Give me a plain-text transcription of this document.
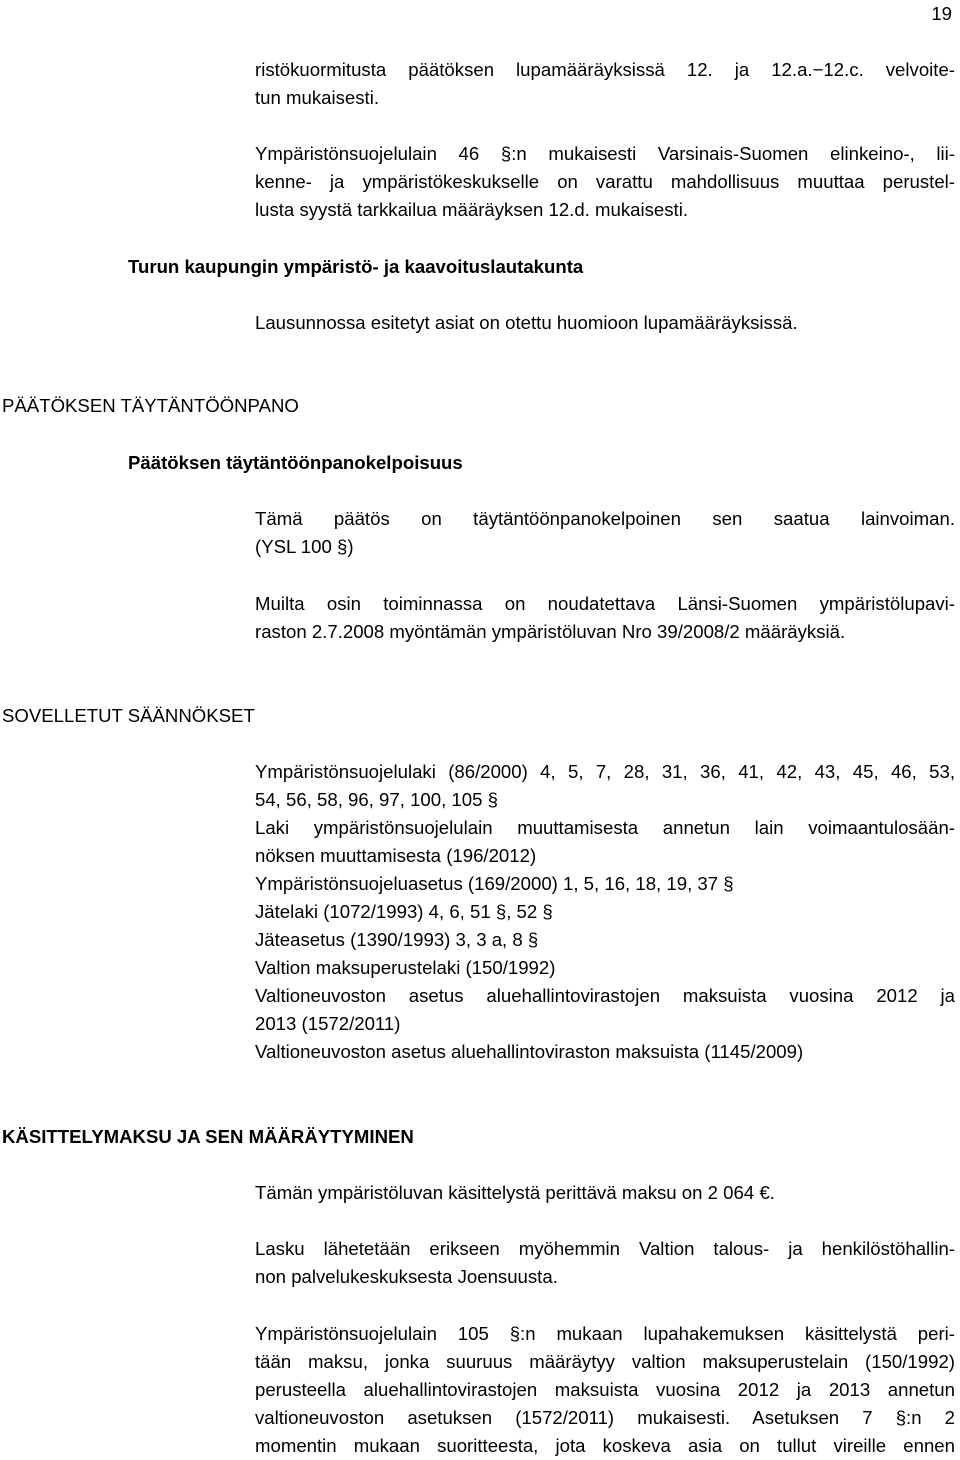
19
ristökuormitusta päätöksen lupamääräyksissä 12. ja 12.a.−12.c. velvoite-
tun mukaisesti.
Ympäristönsuojelulain 46 §:n mukaisesti Varsinais-Suomen elinkeino-, lii-
kenne- ja ympäristökeskukselle on varattu mahdollisuus muuttaa perustel-
lusta syystä tarkkailua määräyksen 12.d. mukaisesti.
Turun kaupungin ympäristö- ja kaavoituslautakunta
Lausunnossa esitetyt asiat on otettu huomioon lupamääräyksissä.
PÄÄTÖKSEN TÄYTÄNTÖÖNPANO
Päätöksen täytäntöönpanokelpoisuus
Tämä päätös on täytäntöönpanokelpoinen sen saatua lainvoiman.
(YSL 100 §)
Muilta osin toiminnassa on noudatettava Länsi-Suomen ympäristölupavi-
raston 2.7.2008 myöntämän ympäristöluvan Nro 39/2008/2 määräyksiä.
SOVELLETUT SÄÄNNÖKSET
Ympäristönsuojelulaki (86/2000) 4, 5, 7, 28, 31, 36, 41, 42, 43, 45, 46, 53,
54, 56, 58, 96, 97, 100, 105 §
Laki ympäristönsuojelulain muuttamisesta annetun lain voimaantulosään-
nöksen muuttamisesta (196/2012)
Ympäristönsuojeluasetus (169/2000) 1, 5, 16, 18, 19, 37 §
Jätelaki (1072/1993) 4, 6, 51 §, 52 §
Jäteasetus (1390/1993) 3, 3 a, 8 §
Valtion maksuperustelaki (150/1992)
Valtioneuvoston asetus aluehallintovirastojen maksuista vuosina 2012 ja
2013 (1572/2011)
Valtioneuvoston asetus aluehallintoviraston maksuista (1145/2009)
KÄSITTELYMAKSU JA SEN MÄÄRÄYTYMINEN
Tämän ympäristöluvan käsittelystä perittävä maksu on 2 064 €.
Lasku lähetetään erikseen myöhemmin Valtion talous- ja henkilöstöhallin-
non palvelukeskuksesta Joensuusta.
Ympäristönsuojelulain 105 §:n mukaan lupahakemuksen käsittelystä peri-
tään maksu, jonka suuruus määräytyy valtion maksuperustelain (150/1992)
perusteella aluehallintovirastojen maksuista vuosina 2012 ja 2013 annetun
valtioneuvoston asetuksen (1572/2011) mukaisesti. Asetuksen 7 §:n 2
momentin mukaan suoritteesta, jota koskeva asia on tullut vireille ennen
